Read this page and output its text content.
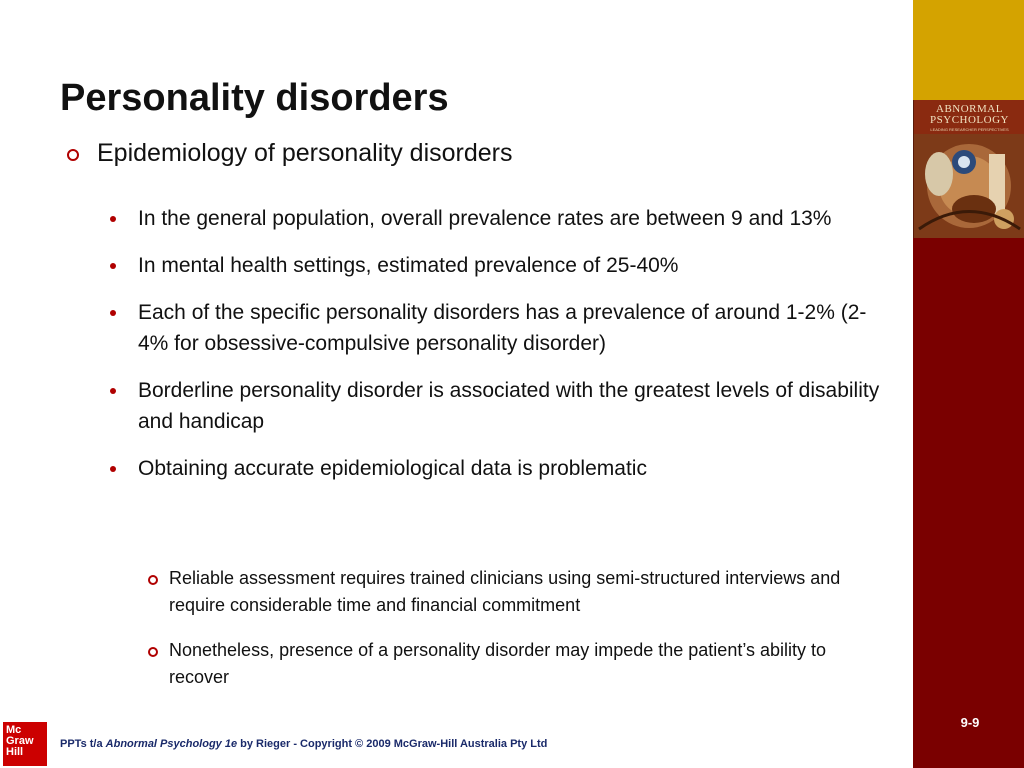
ABNORMAL
PSYCHOLOGY
LEADING RESEARCHER PERSPECTIVES
9-9
Personality disorders
Epidemiology of personality disorders
In the general population, overall prevalence rates are between 9 and 13%
In mental health settings, estimated prevalence of 25-40%
Each of the specific personality disorders has a prevalence of around 1-2% (2-4% for obsessive-compulsive personality disorder)
Borderline personality disorder is associated with the greatest levels of disability and handicap
Obtaining accurate epidemiological data is problematic
Reliable assessment requires trained clinicians using semi-structured interviews and require considerable time and financial commitment
Nonetheless, presence of a personality disorder may impede the patient’s ability to recover
Mc
Graw
Hill
PPTs t/a Abnormal Psychology 1e by Rieger - Copyright © 2009 McGraw-Hill Australia Pty Ltd
